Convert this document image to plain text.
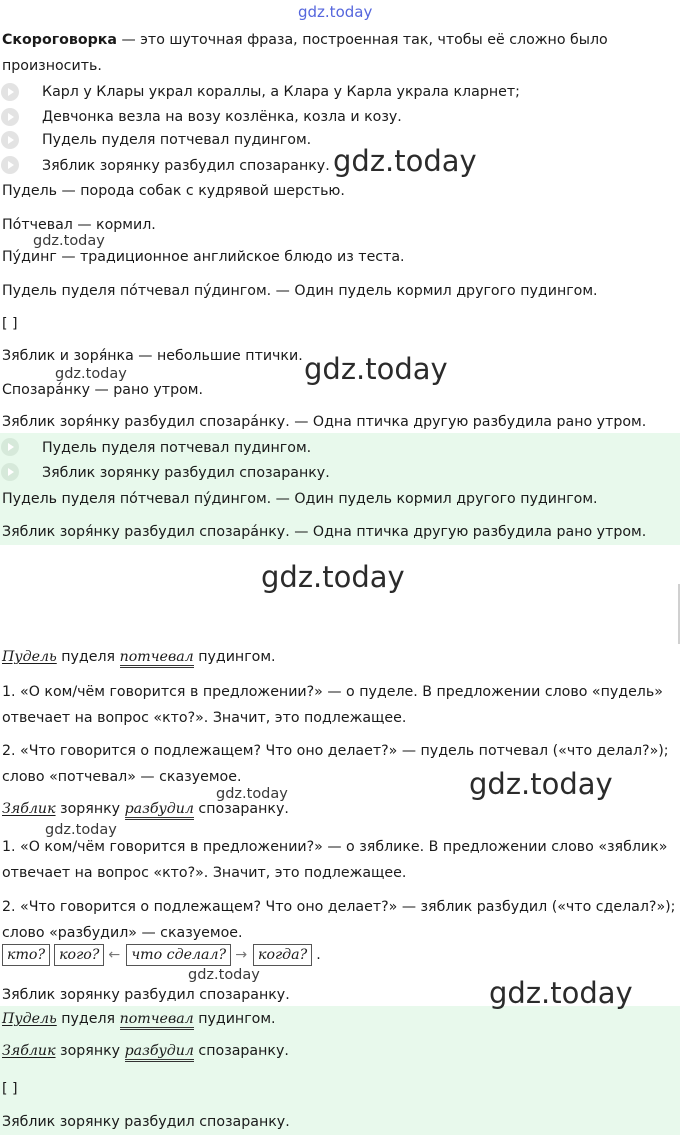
gdz.today
Скороговорка — это шуточная фраза, построенная так, чтобы её сложно было
произносить.
Карл у Клары украл кораллы, а Клара у Карла украла кларнет;
Девчонка везла на возу козлёнка, козла и козу.
Пудель пуделя потчевал пудингом.
Зяблик зорянку разбудил спозаранку. gdz.today
Пудель — порода собак с кудрявой шерстью.
По́тчевал — кормил.
gdz.today
Пу́динг — традиционное английское блюдо из теста.
Пудель пуделя по́тчевал пу́дингом. — Один пудель кормил другого пудингом.
[ ]
Зяблик и зоря́нка — небольшие птички. gdz.today
gdz.today
Спозара́нку — рано утром.
Зяблик зоря́нку разбудил спозара́нку. — Одна птичка другую разбудила рано утром.
Пудель пуделя потчевал пудингом.
Зяблик зорянку разбудил спозаранку.
Пудель пуделя по́тчевал пу́дингом. — Один пудель кормил другого пудингом.
Зяблик зоря́нку разбудил спозара́нку. — Одна птичка другую разбудила рано утром.
gdz.today
Пудель пуделя потчевал пудингом.
1. «О ком/чём говорится в предложении?» — о пуделе. В предложении слово «пудель»
отвечает на вопрос «кто?». Значит, это подлежащее.
2. «Что говорится о подлежащем? Что оно делает?» — пудель потчевал («что делал?»);
слово «потчевал» — сказуемое.	gdz.today
gdz.today
Зяблик зорянку разбудил спозаранку.
gdz.today
1. «О ком/чём говорится в предложении?» — о зяблике. В предложении слово «зяблик»
отвечает на вопрос «кто?». Значит, это подлежащее.
2. «Что говорится о подлежащем? Что оно делает?» — зяблик разбудил («что сделал?»);
слово «разбудил» — сказуемое.
кто? кого? ← что сделал? → когда? .
gdz.today
Зяблик зорянку разбудил спозаранку.	gdz.today
Пудель пуделя потчевал пудингом.
Зяблик зорянку разбудил спозаранку.
[ ]
Зяблик зорянку разбудил спозаранку.
